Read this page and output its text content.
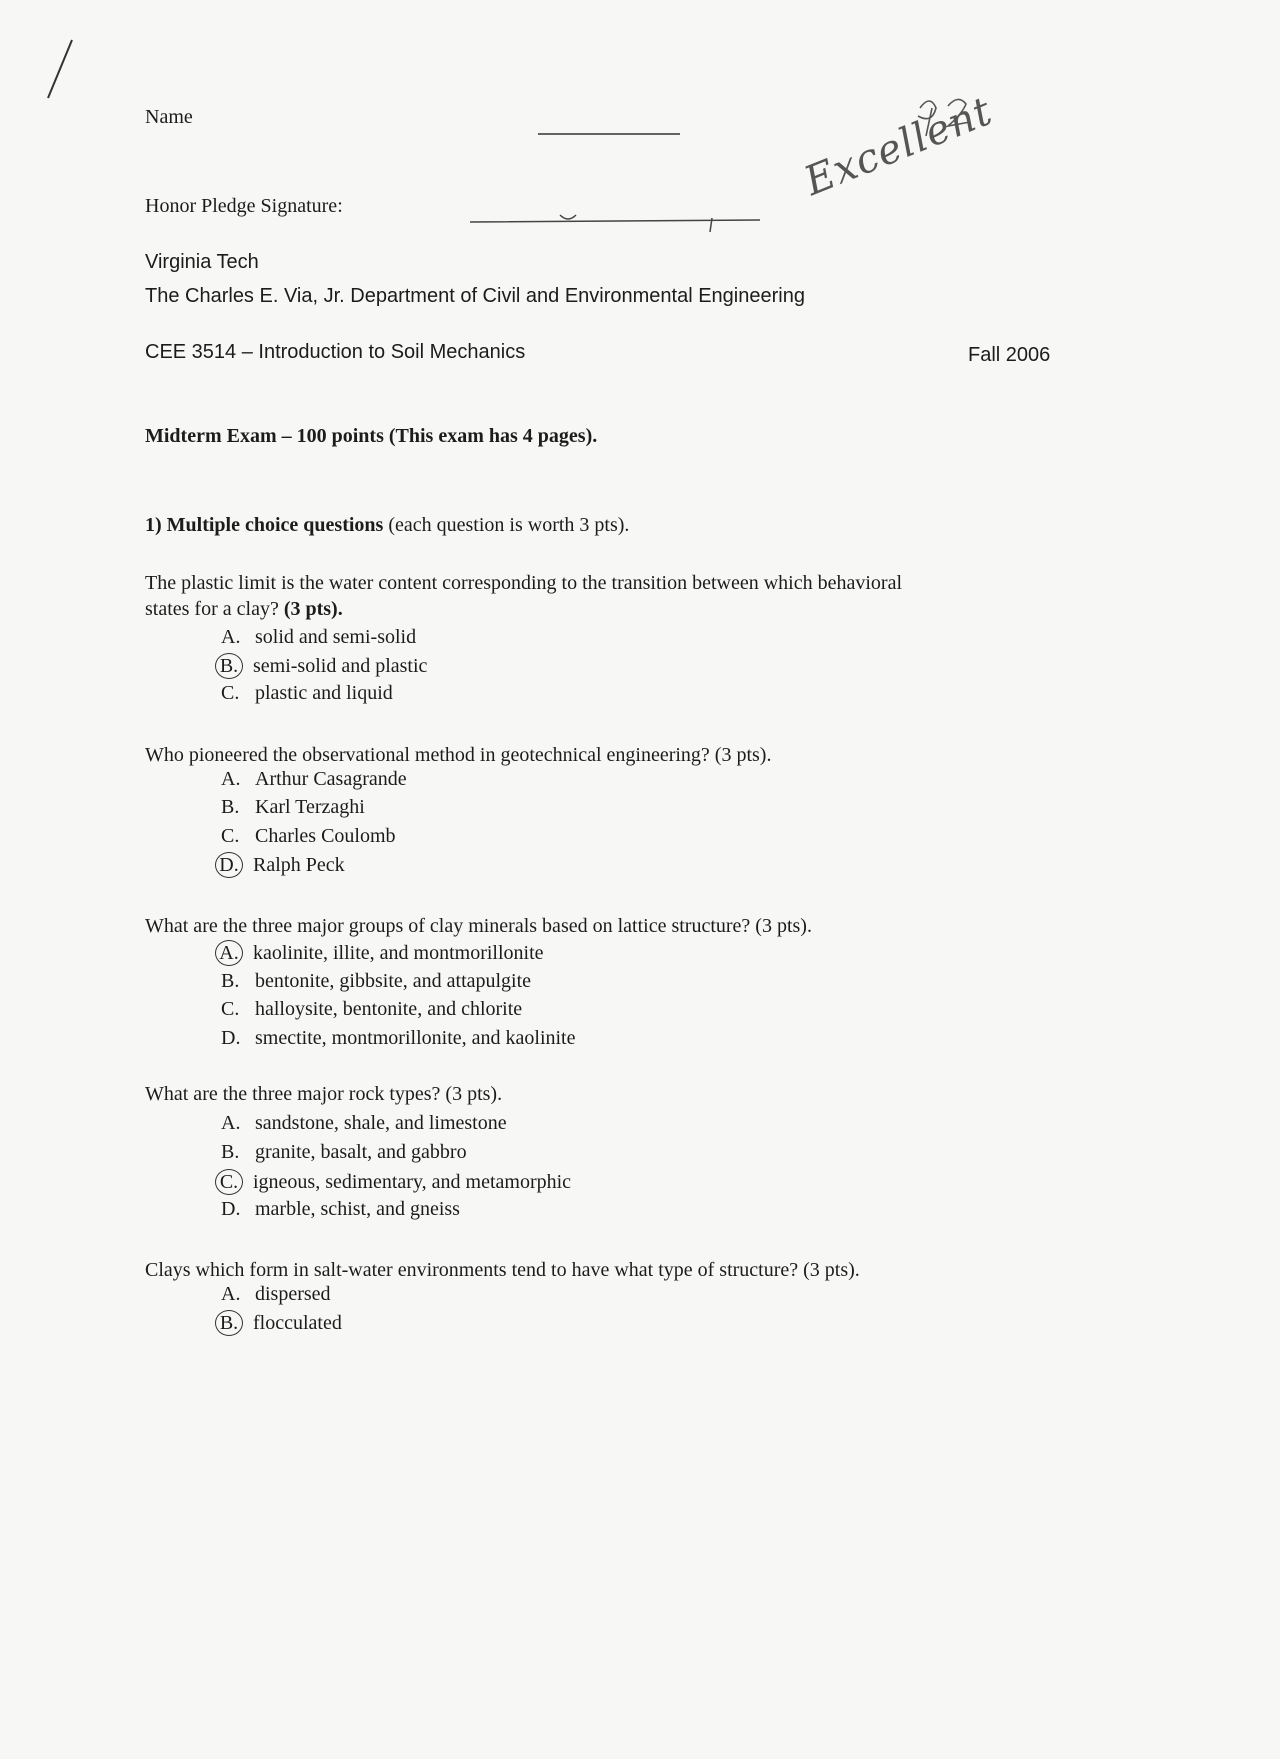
Excellent
Name
Honor Pledge Signature:
Virginia Tech
The Charles E. Via, Jr. Department of Civil and Environmental Engineering
CEE 3514 – Introduction to Soil Mechanics	Fall 2006
Midterm Exam – 100 points (This exam has 4 pages).
1) Multiple choice questions (each question is worth 3 pts).
The plastic limit is the water content corresponding to the transition between which behavioral
states for a clay? (3 pts).
A. solid and semi-solid
B. semi-solid and plastic
C. plastic and liquid
Who pioneered the observational method in geotechnical engineering? (3 pts).
A. Arthur Casagrande
B. Karl Terzaghi
C. Charles Coulomb
D. Ralph Peck
What are the three major groups of clay minerals based on lattice structure? (3 pts).
A. kaolinite, illite, and montmorillonite
B. bentonite, gibbsite, and attapulgite
C. halloysite, bentonite, and chlorite
D. smectite, montmorillonite, and kaolinite
What are the three major rock types? (3 pts).
A. sandstone, shale, and limestone
B. granite, basalt, and gabbro
C. igneous, sedimentary, and metamorphic
D. marble, schist, and gneiss
Clays which form in salt-water environments tend to have what type of structure? (3 pts).
A. dispersed
B. flocculated
